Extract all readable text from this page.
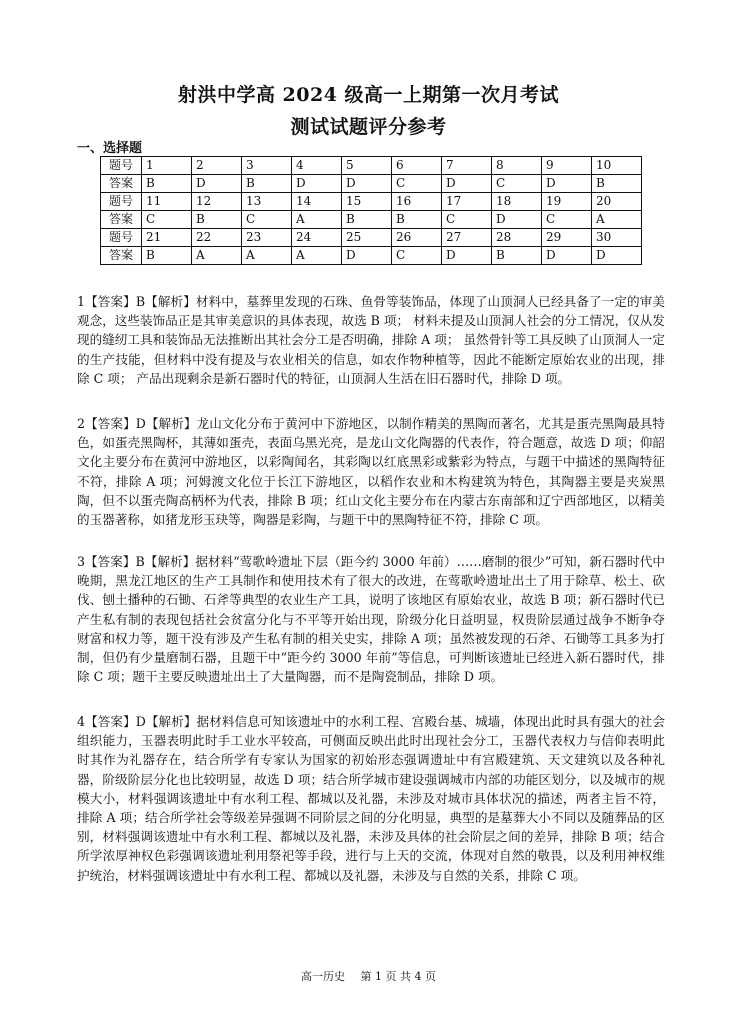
射洪中学高 2024 级高一上期第一次月考试
测试试题评分参考
一、选择题
题号	1	2	3	4	5	6	7	8	9	10
答案	B	D	B	D	D	C	D	C	D	B
题号	11	12	13	14	15	16	17	18	19	20
答案	C	B	C	A	B	B	C	D	C	A
题号	21	22	23	24	25	26	27	28	29	30
答案	B	A	A	A	D	C	D	B	D	D
1【答案】B【解析】材料中，墓葬里发现的石珠、鱼骨等装饰品，体现了山顶洞人已经具备了一定的审美观念，这些装饰品正是其审美意识的具体表现，故选 B 项； 材料未提及山顶洞人社会的分工情况，仅从发现的缝纫工具和装饰品无法推断出其社会分工是否明确，排除 A 项； 虽然骨针等工具反映了山顶洞人一定的生产技能，但材料中没有提及与农业相关的信息，如农作物种植等，因此不能断定原始农业的出现，排除 C 项； 产品出现剩余是新石器时代的特征，山顶洞人生活在旧石器时代，排除 D 项。
2【答案】D【解析】龙山文化分布于黄河中下游地区，以制作精美的黑陶而著名，尤其是蛋壳黑陶最具特色，如蛋壳黑陶杯，其薄如蛋壳，表面乌黑光亮，是龙山文化陶器的代表作，符合题意，故选 D 项；仰韶文化主要分布在黄河中游地区，以彩陶闻名，其彩陶以红底黑彩或紫彩为特点，与题干中描述的黑陶特征不符，排除 A 项；河姆渡文化位于长江下游地区，以稻作农业和木构建筑为特色，其陶器主要是夹炭黑陶，但不以蛋壳陶高柄杯为代表，排除 B 项；红山文化主要分布在内蒙古东南部和辽宁西部地区，以精美的玉器著称，如猪龙形玉玦等，陶器是彩陶，与题干中的黑陶特征不符，排除 C 项。
3【答案】B【解析】据材料“莺歌岭遗址下层（距今约 3000 年前）……磨制的很少”可知，新石器时代中晚期，黑龙江地区的生产工具制作和使用技术有了很大的改进，在莺歌岭遗址出土了用于除草、松土、砍伐、刨土播种的石锄、石斧等典型的农业生产工具，说明了该地区有原始农业，故选 B 项；新石器时代已产生私有制的表现包括社会贫富分化与不平等开始出现，阶级分化日益明显，权贵阶层通过战争不断争夺财富和权力等，题干没有涉及产生私有制的相关史实，排除 A 项；虽然被发现的石斧、石锄等工具多为打制，但仍有少量磨制石器，且题干中“距今约 3000 年前”等信息，可判断该遗址已经进入新石器时代，排除 C 项；题干主要反映遗址出土了大量陶器，而不是陶瓷制品，排除 D 项。
4【答案】D【解析】据材料信息可知该遗址中的水利工程、宫殿台基、城墙，体现出此时具有强大的社会组织能力，玉器表明此时手工业水平较高，可侧面反映出此时出现社会分工，玉器代表权力与信仰表明此时其作为礼器存在，结合所学有专家认为国家的初始形态强调遗址中有宫殿建筑、天文建筑以及各种礼器，阶级阶层分化也比较明显，故选 D 项；结合所学城市建设强调城市内部的功能区划分，以及城市的规模大小，材料强调该遗址中有水利工程、都城以及礼器，未涉及对城市具体状况的描述，两者主旨不符，排除 A 项；结合所学社会等级差异强调不同阶层之间的分化明显，典型的是墓葬大小不同以及随葬品的区别，材料强调该遗址中有水利工程、都城以及礼器，未涉及具体的社会阶层之间的差异，排除 B 项；结合所学浓厚神权色彩强调该遗址利用祭祀等手段，进行与上天的交流，体现对自然的敬畏，以及利用神权维护统治，材料强调该遗址中有水利工程、都城以及礼器，未涉及与自然的关系，排除 C 项。
高一历史 第 1 页 共 4 页
